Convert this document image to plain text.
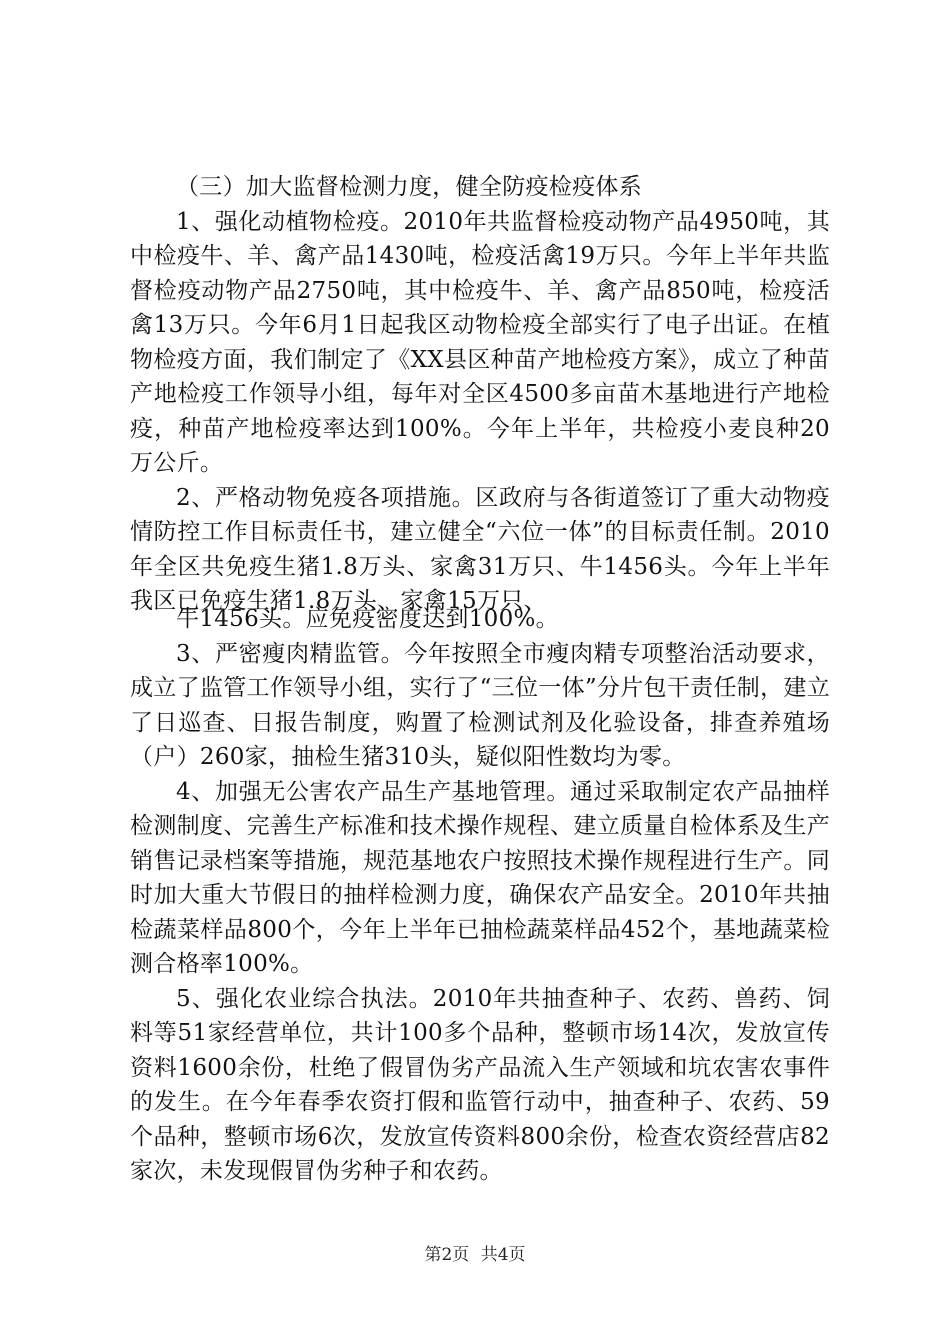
（三）加大监督检测力度，健全防疫检疫体系

1、强化动植物检疫。2010年共监督检疫动物产品4950吨，其中检疫牛、羊、禽产品1430吨，检疫活禽19万只。今年上半年共监督检疫动物产品2750吨，其中检疫牛、羊、禽产品850吨，检疫活禽13万只。今年6月1日起我区动物检疫全部实行了电子出证。在植物检疫方面，我们制定了《XX县区种苗产地检疫方案》，成立了种苗产地检疫工作领导小组，每年对全区4500多亩苗木基地进行产地检疫，种苗产地检疫率达到100%。今年上半年，共检疫小麦良种20万公斤。

2、严格动物免疫各项措施。区政府与各街道签订了重大动物疫情防控工作目标责任书，建立健全“六位一体”的目标责任制。2010年全区共免疫生猪1.8万头、家禽31万只、牛1456头。今年上半年我区已免疫生猪1.8万头、家禽15万只、

牛1456头。应免疫密度达到100%。

3、严密瘦肉精监管。今年按照全市瘦肉精专项整治活动要求，成立了监管工作领导小组，实行了“三位一体”分片包干责任制，建立了日巡查、日报告制度，购置了检测试剂及化验设备，排查养殖场（户）260家，抽检生猪310头，疑似阳性数均为零。

4、加强无公害农产品生产基地管理。通过采取制定农产品抽样检测制度、完善生产标准和技术操作规程、建立质量自检体系及生产销售记录档案等措施，规范基地农户按照技术操作规程进行生产。同时加大重大节假日的抽样检测力度，确保农产品安全。2010年共抽检蔬菜样品800个，今年上半年已抽检蔬菜样品452个，基地蔬菜检测合格率100%。

5、强化农业综合执法。2010年共抽查种子、农药、兽药、饲料等51家经营单位，共计100多个品种，整顿市场14次，发放宣传资料1600余份，杜绝了假冒伪劣产品流入生产领域和坑农害农事件的发生。在今年春季农资打假和监管行动中，抽查种子、农药、59个品种，整顿市场6次，发放宣传资料800余份，检查农资经营店82家次，未发现假冒伪劣种子和农药。

第2页 共4页
